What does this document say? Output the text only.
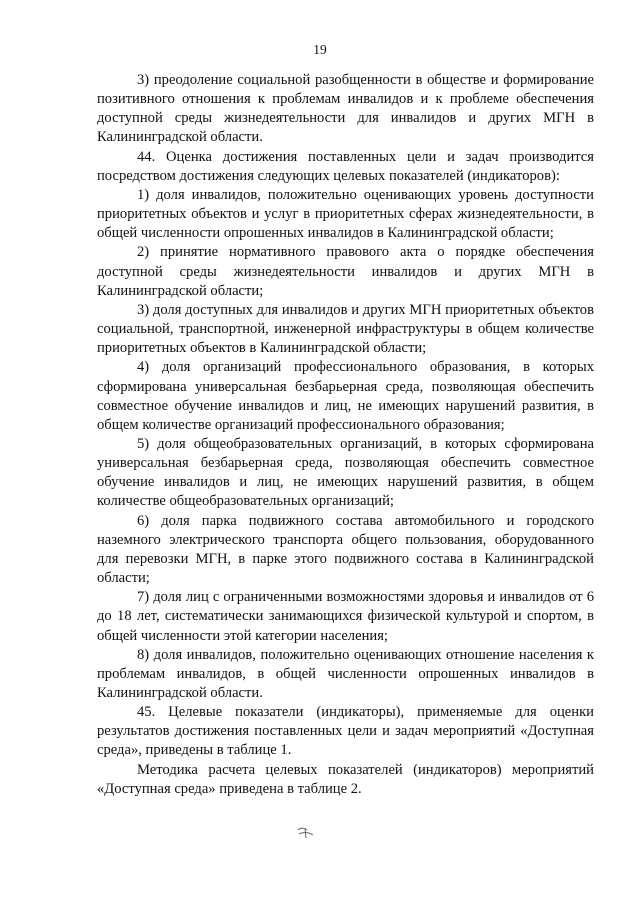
19

3) преодоление социальной разобщенности в обществе и формирование позитивного отношения к проблемам инвалидов и к проблеме обеспечения доступной среды жизнедеятельности для инвалидов и других МГН в Калининградской области.

44. Оценка достижения поставленных цели и задач производится посредством достижения следующих целевых показателей (индикаторов):

1) доля инвалидов, положительно оценивающих уровень доступности приоритетных объектов и услуг в приоритетных сферах жизнедеятельности, в общей численности опрошенных инвалидов в Калининградской области;

2) принятие нормативного правового акта о порядке обеспечения доступной среды жизнедеятельности инвалидов и других МГН в Калининградской области;

3) доля доступных для инвалидов и других МГН приоритетных объектов социальной, транспортной, инженерной инфраструктуры в общем количестве приоритетных объектов в Калининградской области;

4) доля организаций профессионального образования, в которых сформирована универсальная безбарьерная среда, позволяющая обеспечить совместное обучение инвалидов и лиц, не имеющих нарушений развития, в общем количестве организаций профессионального образования;

5) доля общеобразовательных организаций, в которых сформирована универсальная безбарьерная среда, позволяющая обеспечить совместное обучение инвалидов и лиц, не имеющих нарушений развития, в общем количестве общеобразовательных организаций;

6) доля парка подвижного состава автомобильного и городского наземного электрического транспорта общего пользования, оборудованного для перевозки МГН, в парке этого подвижного состава в Калининградской области;

7) доля лиц с ограниченными возможностями здоровья и инвалидов от 6 до 18 лет, систематически занимающихся физической культурой и спортом, в общей численности этой категории населения;

8) доля инвалидов, положительно оценивающих отношение населения к проблемам инвалидов, в общей численности опрошенных инвалидов в Калининградской области.

45. Целевые показатели (индикаторы), применяемые для оценки результатов достижения поставленных цели и задач мероприятий «Доступная среда», приведены в таблице 1.

Методика расчета целевых показателей (индикаторов) мероприятий «Доступная среда» приведена в таблице 2.
